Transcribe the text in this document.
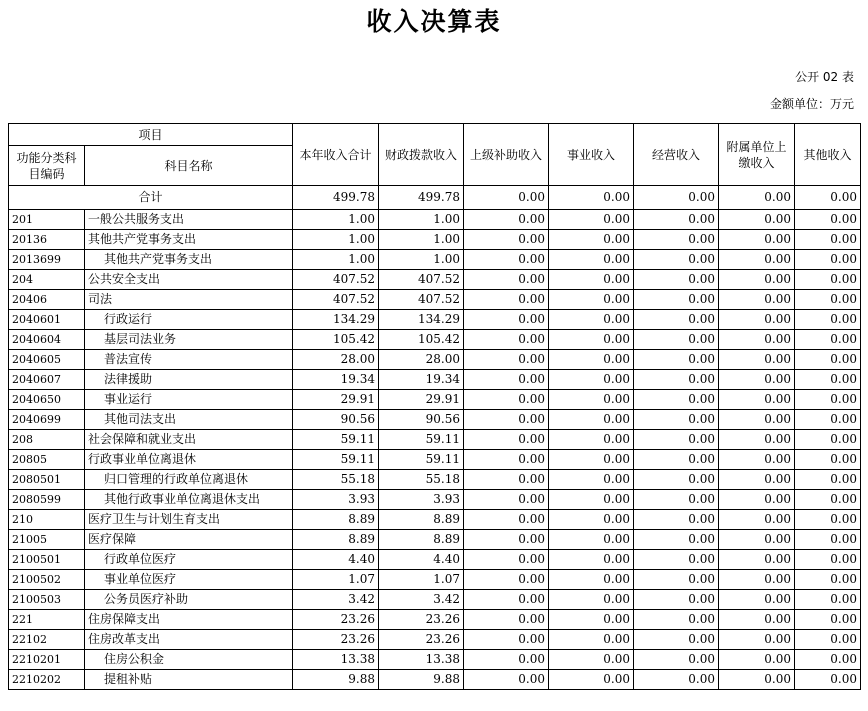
收入决算表
公开 02 表
金额单位：万元
项目		本年收入合计	财政拨款收入	上级补助收入	事业收入	经营收入	附属单位上缴收入	其他收入
功能分类科目编码	科目名称							
合计		499.78	499.78	0.00	0.00	0.00	0.00	0.00
201	一般公共服务支出	1.00	1.00	0.00	0.00	0.00	0.00	0.00
20136	其他共产党事务支出	1.00	1.00	0.00	0.00	0.00	0.00	0.00
2013699	其他共产党事务支出	1.00	1.00	0.00	0.00	0.00	0.00	0.00
204	公共安全支出	407.52	407.52	0.00	0.00	0.00	0.00	0.00
20406	司法	407.52	407.52	0.00	0.00	0.00	0.00	0.00
2040601	行政运行	134.29	134.29	0.00	0.00	0.00	0.00	0.00
2040604	基层司法业务	105.42	105.42	0.00	0.00	0.00	0.00	0.00
2040605	普法宣传	28.00	28.00	0.00	0.00	0.00	0.00	0.00
2040607	法律援助	19.34	19.34	0.00	0.00	0.00	0.00	0.00
2040650	事业运行	29.91	29.91	0.00	0.00	0.00	0.00	0.00
2040699	其他司法支出	90.56	90.56	0.00	0.00	0.00	0.00	0.00
208	社会保障和就业支出	59.11	59.11	0.00	0.00	0.00	0.00	0.00
20805	行政事业单位离退休	59.11	59.11	0.00	0.00	0.00	0.00	0.00
2080501	归口管理的行政单位离退休	55.18	55.18	0.00	0.00	0.00	0.00	0.00
2080599	其他行政事业单位离退休支出	3.93	3.93	0.00	0.00	0.00	0.00	0.00
210	医疗卫生与计划生育支出	8.89	8.89	0.00	0.00	0.00	0.00	0.00
21005	医疗保障	8.89	8.89	0.00	0.00	0.00	0.00	0.00
2100501	行政单位医疗	4.40	4.40	0.00	0.00	0.00	0.00	0.00
2100502	事业单位医疗	1.07	1.07	0.00	0.00	0.00	0.00	0.00
2100503	公务员医疗补助	3.42	3.42	0.00	0.00	0.00	0.00	0.00
221	住房保障支出	23.26	23.26	0.00	0.00	0.00	0.00	0.00
22102	住房改革支出	23.26	23.26	0.00	0.00	0.00	0.00	0.00
2210201	住房公积金	13.38	13.38	0.00	0.00	0.00	0.00	0.00
2210202	提租补贴	9.88	9.88	0.00	0.00	0.00	0.00	0.00
